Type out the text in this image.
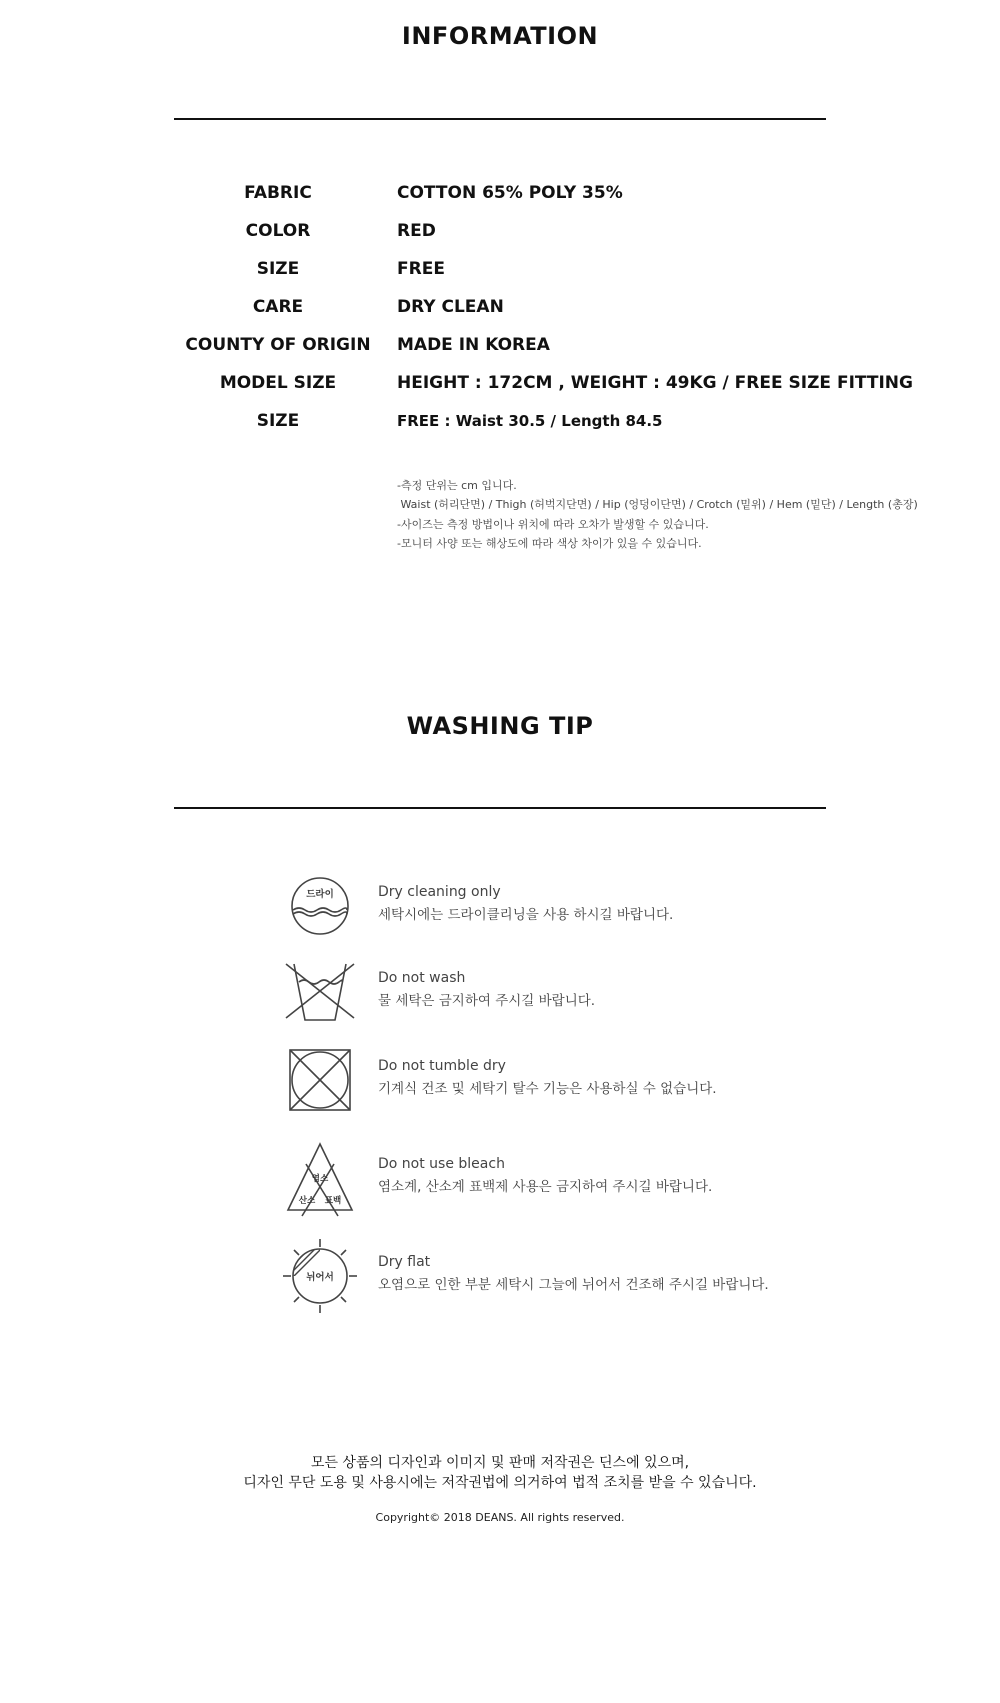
INFORMATION
FABRIC	COTTON 65% POLY 35%
COLOR	RED
SIZE	FREE
CARE	DRY CLEAN
COUNTY OF ORIGIN	MADE IN KOREA
MODEL SIZE	HEIGHT : 172CM , WEIGHT : 49KG / FREE SIZE FITTING
SIZE	FREE : Waist 30.5 / Length 84.5
-측정 단위는 cm 입니다.
Waist (허리단면) / Thigh (허벅지단면) / Hip (엉덩이단면) / Crotch (밑위) / Hem (밑단) / Length (총장)
-사이즈는 측정 방법이나 위치에 따라 오차가 발생할 수 있습니다.
-모니터 사양 또는 해상도에 따라 색상 차이가 있을 수 있습니다.
WASHING TIP
드라이	Dry cleaning only
세탁시에는 드라이클리닝을 사용 하시길 바랍니다.
Do not wash
물 세탁은 금지하여 주시길 바랍니다.
Do not tumble dry
기계식 건조 및 세탁기 탈수 기능은 사용하실 수 없습니다.
염소
산소 표백
Do not use bleach
염소계, 산소계 표백제 사용은 금지하여 주시길 바랍니다.
뉘어서
Dry flat
오염으로 인한 부분 세탁시 그늘에 뉘어서 건조해 주시길 바랍니다.
모든 상품의 디자인과 이미지 및 판매 저작권은 딘스에 있으며,
디자인 무단 도용 및 사용시에는 저작권법에 의거하여 법적 조치를 받을 수 있습니다.
Copyright© 2018 DEANS. All rights reserved.
